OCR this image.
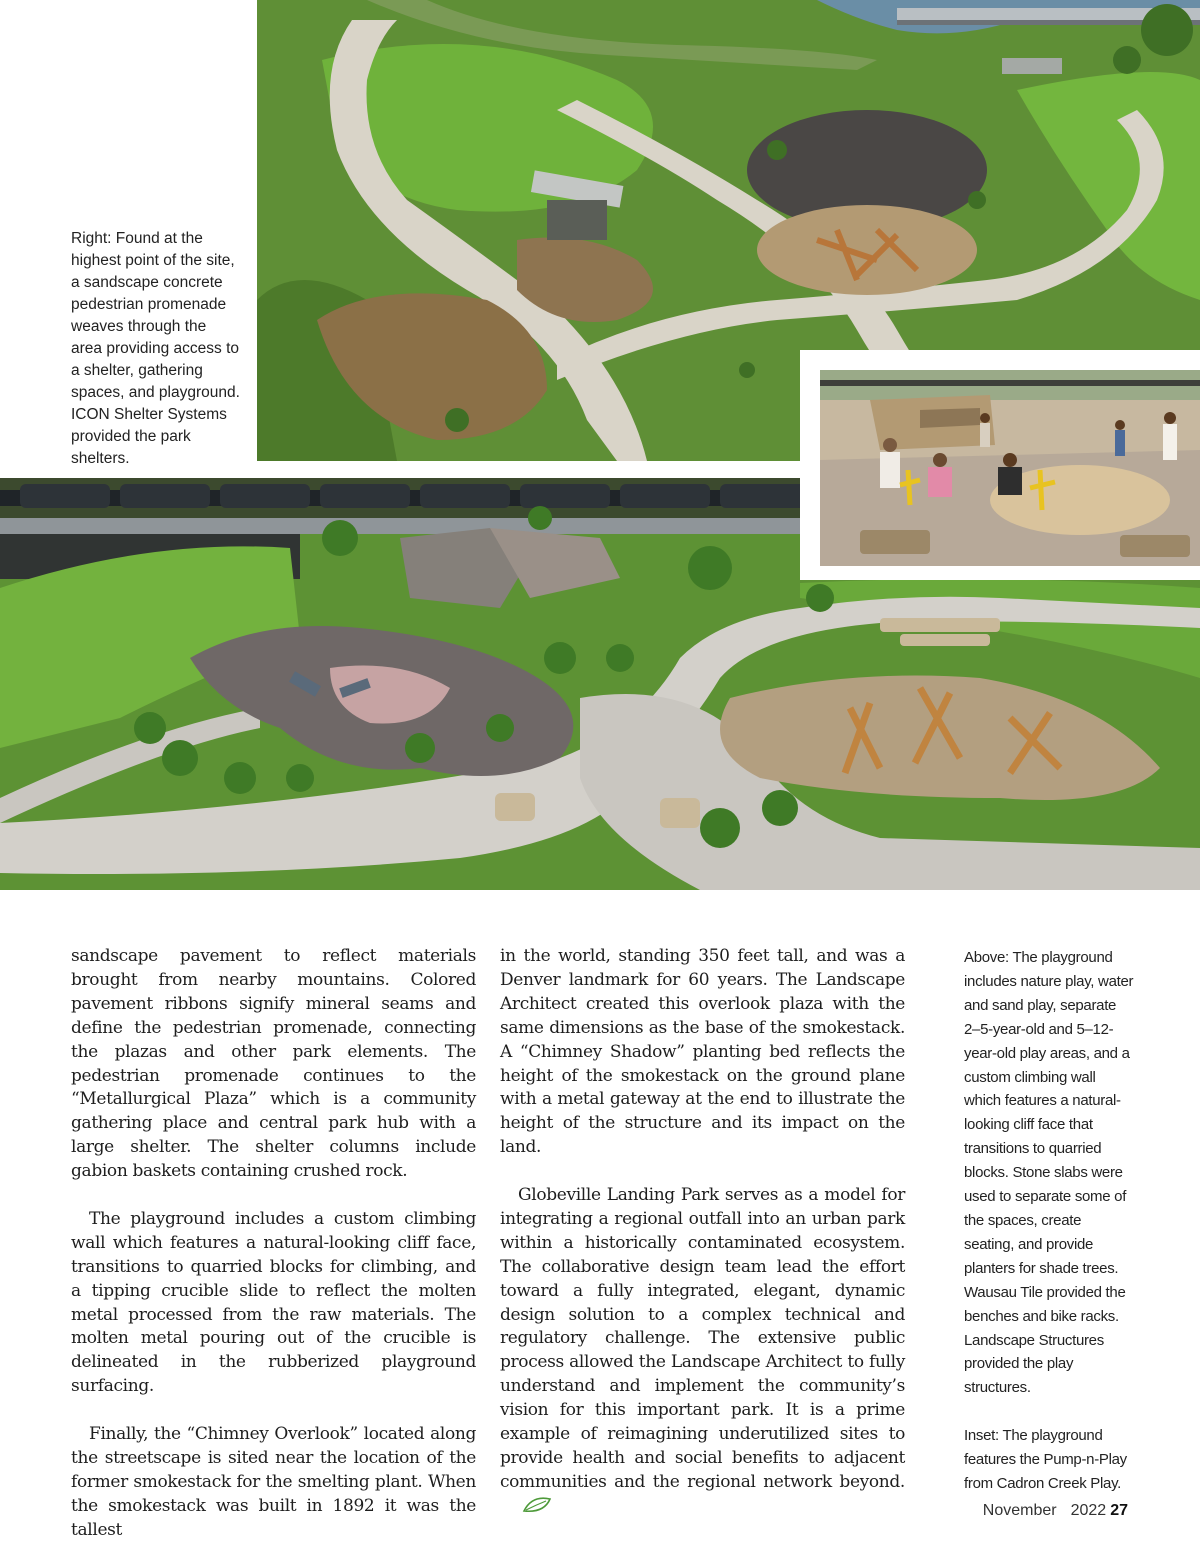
Right: Found at the highest point of the site, a sandscape concrete pedestrian promenade weaves through the area providing access to a shelter, gathering spaces, and playground. ICON Shelter Systems provided the park shelters.

sandscape pavement to reflect materials brought from nearby mountains. Colored pavement ribbons signify mineral seams and define the pedestrian promenade, connecting the plazas and other park elements. The pedestrian promenade continues to the “Metallurgical Plaza” which is a community gathering place and central park hub with a large shelter. The shelter columns include gabion baskets containing crushed rock.

The playground includes a custom climbing wall which features a natural-looking cliff face, transitions to quarried blocks for climbing, and a tipping crucible slide to reflect the molten metal processed from the raw materials. The molten metal pouring out of the crucible is delineated in the rubberized playground surfacing.

Finally, the “Chimney Overlook” located along the streetscape is sited near the location of the former smokestack for the smelting plant. When the smokestack was built in 1892 it was the tallest

in the world, standing 350 feet tall, and was a Denver landmark for 60 years. The Landscape Architect created this overlook plaza with the same dimensions as the base of the smokestack. A “Chimney Shadow” planting bed reflects the height of the smokestack on the ground plane with a metal gateway at the end to illustrate the height of the structure and its impact on the land.

Globeville Landing Park serves as a model for integrating a regional outfall into an urban park within a historically contaminated ecosystem. The collaborative design team lead the effort toward a fully integrated, elegant, dynamic design solution to a complex technical and regulatory challenge. The extensive public process allowed the Landscape Architect to fully understand and implement the community’s vision for this important park. It is a prime example of reimagining underutilized sites to provide health and social benefits to adjacent communities and the regional network beyond.

Above: The playground includes nature play, water and sand play, separate 2–5-year-old and 5–12-year-old play areas, and a custom climbing wall which features a natural-looking cliff face that transitions to quarried blocks. Stone slabs were used to separate some of the spaces, create seating, and provide planters for shade trees. Wausau Tile provided the benches and bike racks. Landscape Structures provided the play structures.

Inset: The playground features the Pump-n-Play from Cadron Creek Play.

November 2022 27
